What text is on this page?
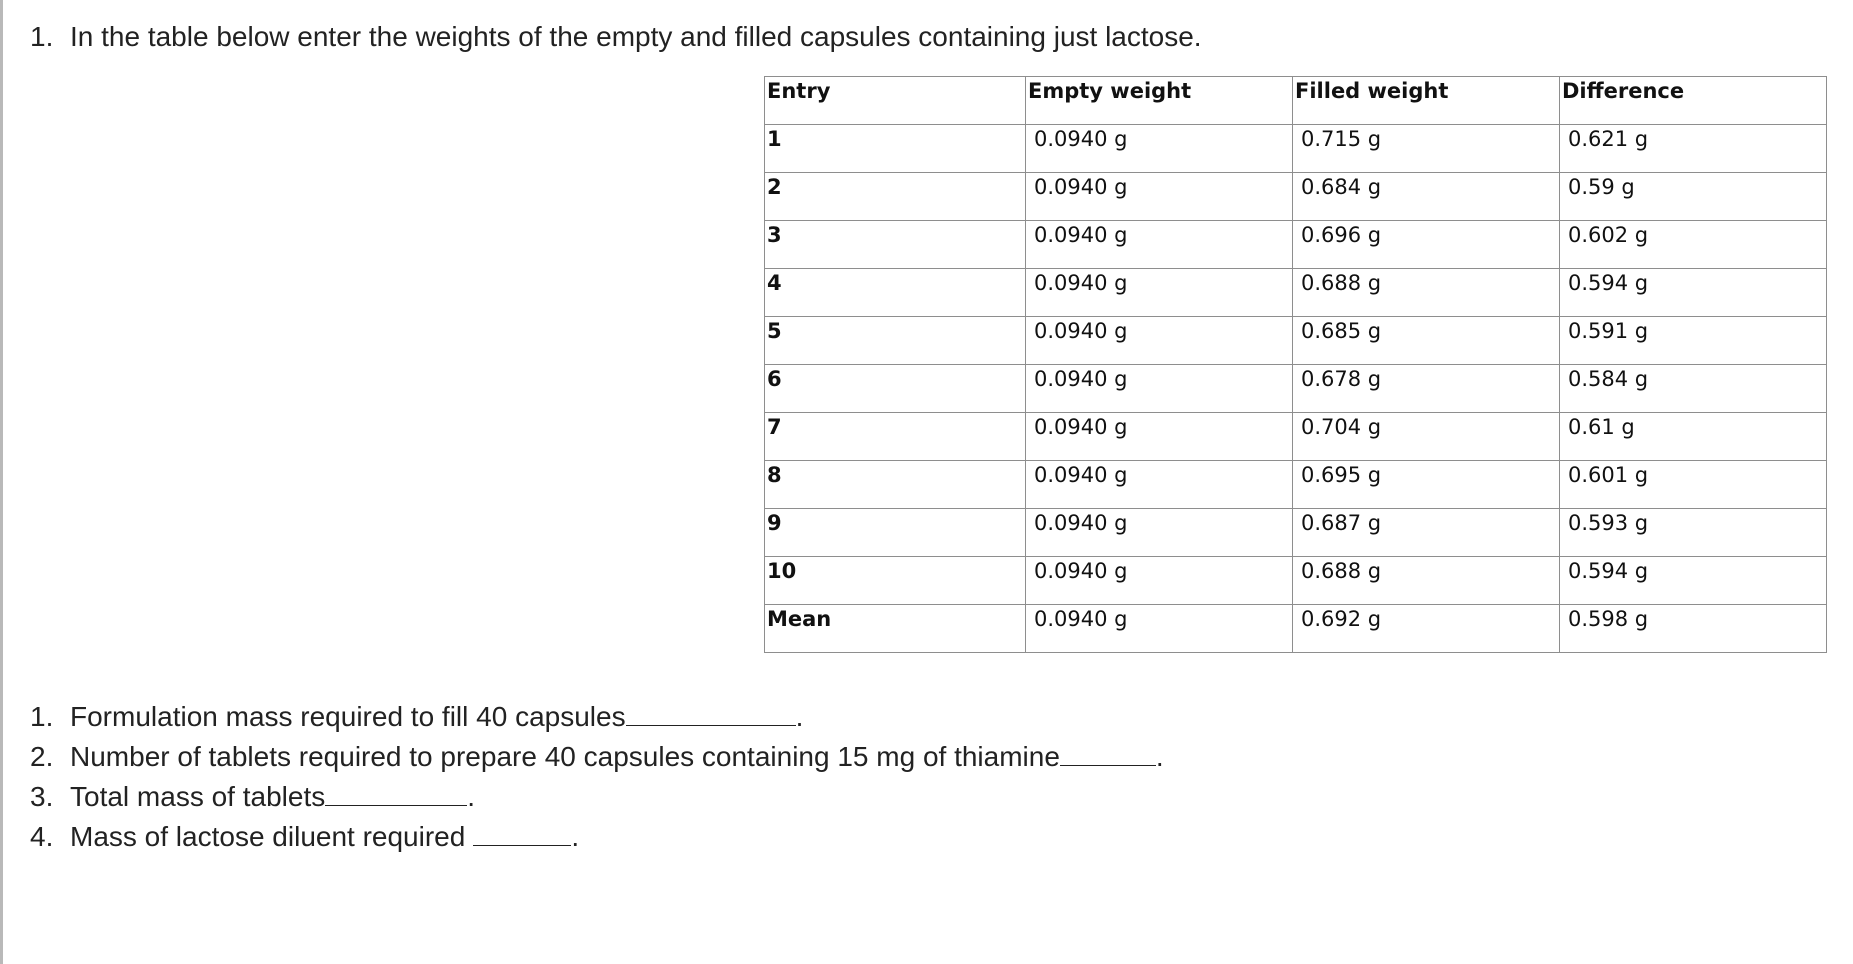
1. In the table below enter the weights of the empty and filled capsules containing just lactose.
Entry	Empty weight	Filled weight	Difference
1	0.0940 g	0.715 g	0.621 g
2	0.0940 g	0.684 g	0.59 g
3	0.0940 g	0.696 g	0.602 g
4	0.0940 g	0.688 g	0.594 g
5	0.0940 g	0.685 g	0.591 g
6	0.0940 g	0.678 g	0.584 g
7	0.0940 g	0.704 g	0.61 g
8	0.0940 g	0.695 g	0.601 g
9	0.0940 g	0.687 g	0.593 g
10	0.0940 g	0.688 g	0.594 g
Mean	0.0940 g	0.692 g	0.598 g
1. Formulation mass required to fill 40 capsules	.
2. Number of tablets required to prepare 40 capsules containing 15 mg of thiamine	.
3. Total mass of tablets	.
4. Mass of lactose diluent required	.
